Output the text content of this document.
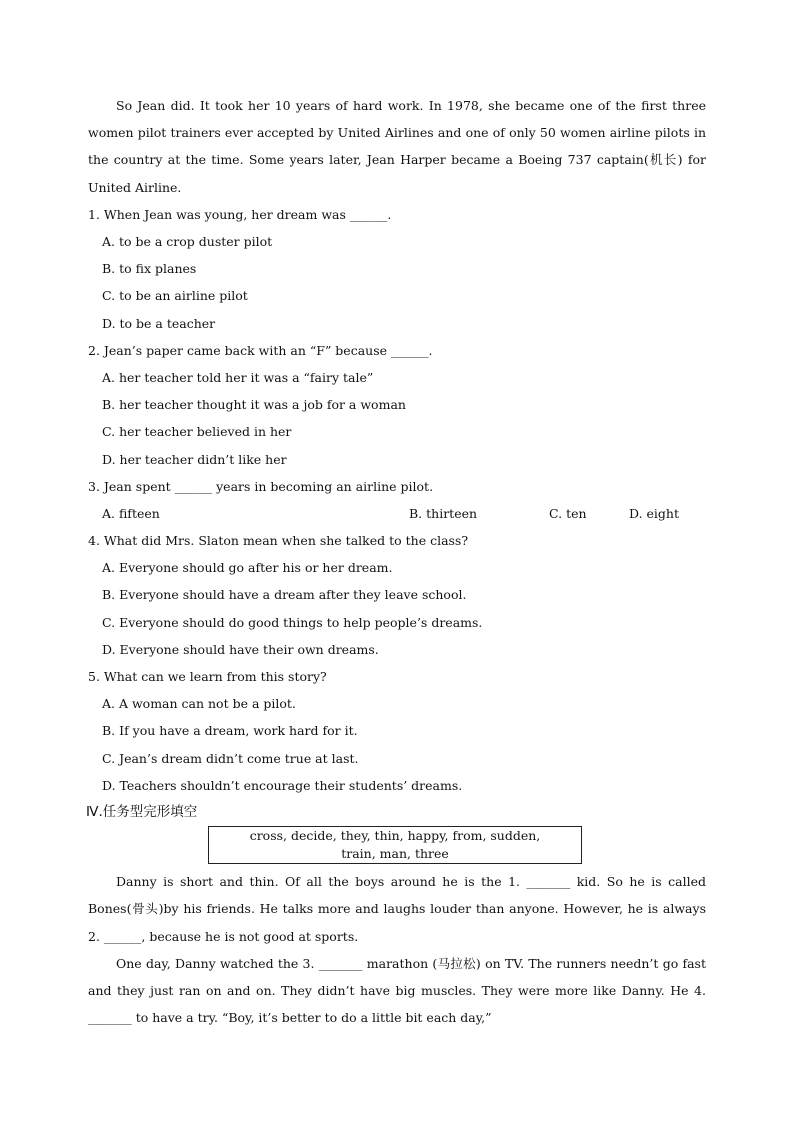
So Jean did. It took her 10 years of hard work. In 1978, she became one of the first three women pilot trainers ever accepted by United Airlines and one of only 50 women airline pilots in the country at the time. Some years later, Jean Harper became a Boeing 737 captain(机长) for United Airline.

1. When Jean was young, her dream was ______.
A. to be a crop duster pilot
B. to fix planes
C. to be an airline pilot
D. to be a teacher
2. Jean’s paper came back with an “F” because ______.
A. her teacher told her it was a “fairy tale”
B. her teacher thought it was a job for a woman
C. her teacher believed in her
D. her teacher didn’t like her
3. Jean spent ______ years in becoming an airline pilot.
A. fifteen	B. thirteen	C. ten	D. eight
4. What did Mrs. Slaton mean when she talked to the class?
A. Everyone should go after his or her dream.
B. Everyone should have a dream after they leave school.
C. Everyone should do good things to help people’s dreams.
D. Everyone should have their own dreams.
5. What can we learn from this story?
A. A woman can not be a pilot.
B. If you have a dream, work hard for it.
C. Jean’s dream didn’t come true at last.
D. Teachers shouldn’t encourage their students’ dreams.
Ⅳ.任务型完形填空
cross, decide, they, thin, happy, from, sudden,
train, man, three

Danny is short and thin. Of all the boys around he is the 1. _______ kid. So he is called Bones(骨头)by his friends. He talks more and laughs louder than anyone. However, he is always 2. ______, because he is not good at sports.

One day, Danny watched the 3. _______ marathon (马拉松) on TV. The runners needn’t go fast and they just ran on and on. They didn’t have big muscles. They were more like Danny. He 4. _______ to have a try. “Boy, it’s better to do a little bit each day,”
